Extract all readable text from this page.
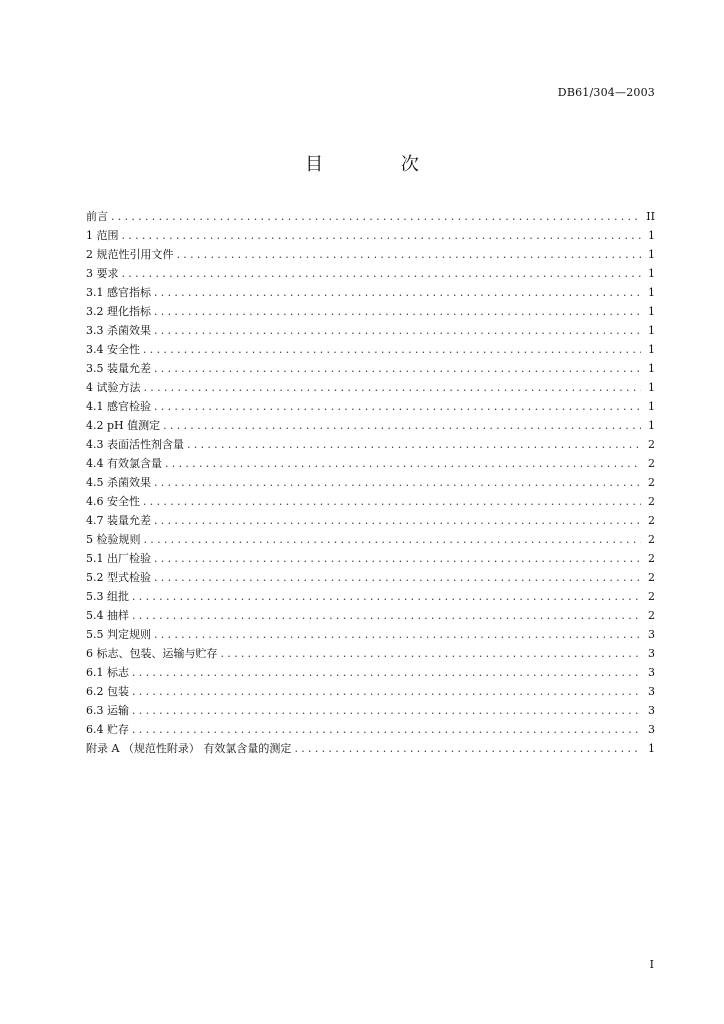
DB61/304—2003
目 次
前言 .....	II
1 范围 .....	1
2 规范性引用文件 .....	1
3 要求 .....	1
3.1 感官指标 .....	1
3.2 理化指标 .....	1
3.3 杀菌效果 .....	1
3.4 安全性 .....	1
3.5 装量允差 .....	1
4 试验方法 .....	1
4.1 感官检验 .....	1
4.2 pH 值测定 .....	1
4.3 表面活性剂含量 .....	2
4.4 有效氯含量 .....	2
4.5 杀菌效果 .....	2
4.6 安全性 .....	2
4.7 装量允差 .....	2
5 检验规则 .....	2
5.1 出厂检验 .....	2
5.2 型式检验 .....	2
5.3 组批 .....	2
5.4 抽样 .....	2
5.5 判定规则 .....	3
6 标志、包装、运输与贮存 .....	3
6.1 标志 .....	3
6.2 包装 .....	3
6.3 运输 .....	3
6.4 贮存 .....	3
附录 A （规范性附录） 有效氯含量的测定 .....	1
I
